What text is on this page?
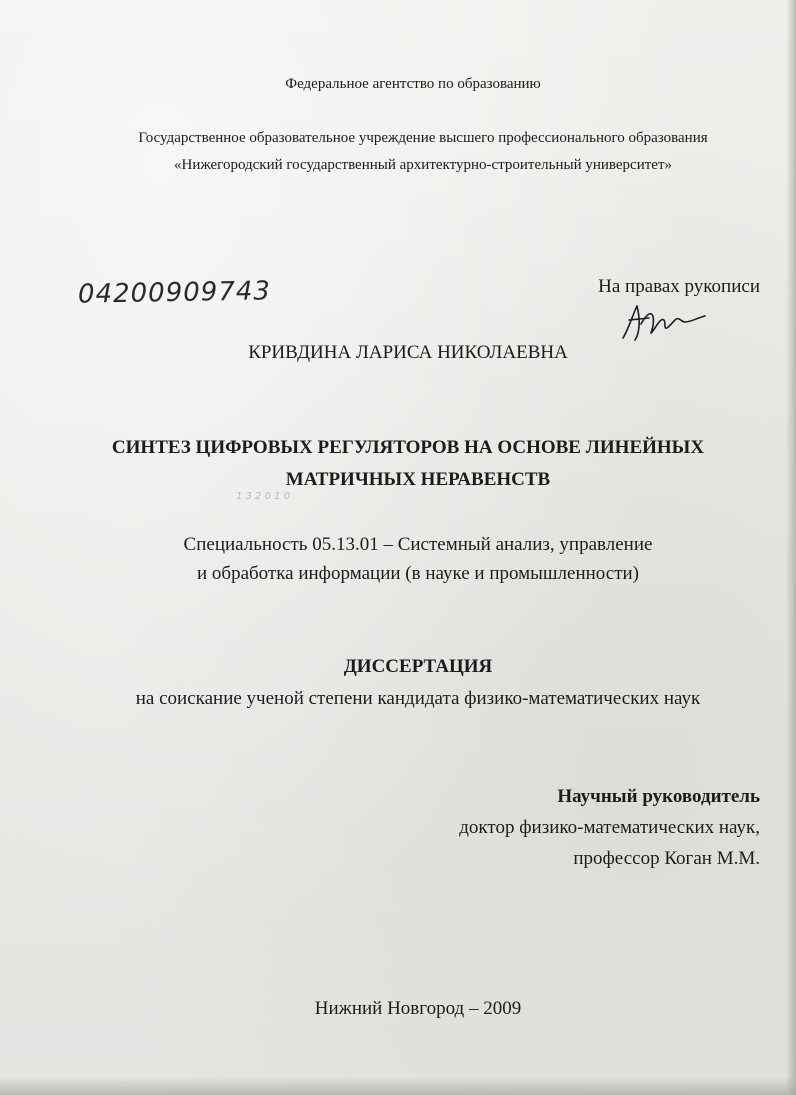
Федеральное агентство по образованию
Государственное образовательное учреждение высшего профессионального образования
«Нижегородский государственный архитектурно-строительный университет»
04200909743	На правах рукописи
КРИВДИНА ЛАРИСА НИКОЛАЕВНА
СИНТЕЗ ЦИФРОВЫХ РЕГУЛЯТОРОВ НА ОСНОВЕ ЛИНЕЙНЫХ
МАТРИЧНЫХ НЕРАВЕНСТВ
1 3 2 0 1 0
Специальность 05.13.01 – Системный анализ, управление
и обработка информации (в науке и промышленности)
ДИССЕРТАЦИЯ
на соискание ученой степени кандидата физико-математических наук
Научный руководитель
доктор физико-математических наук,
профессор Коган М.М.
Нижний Новгород – 2009
